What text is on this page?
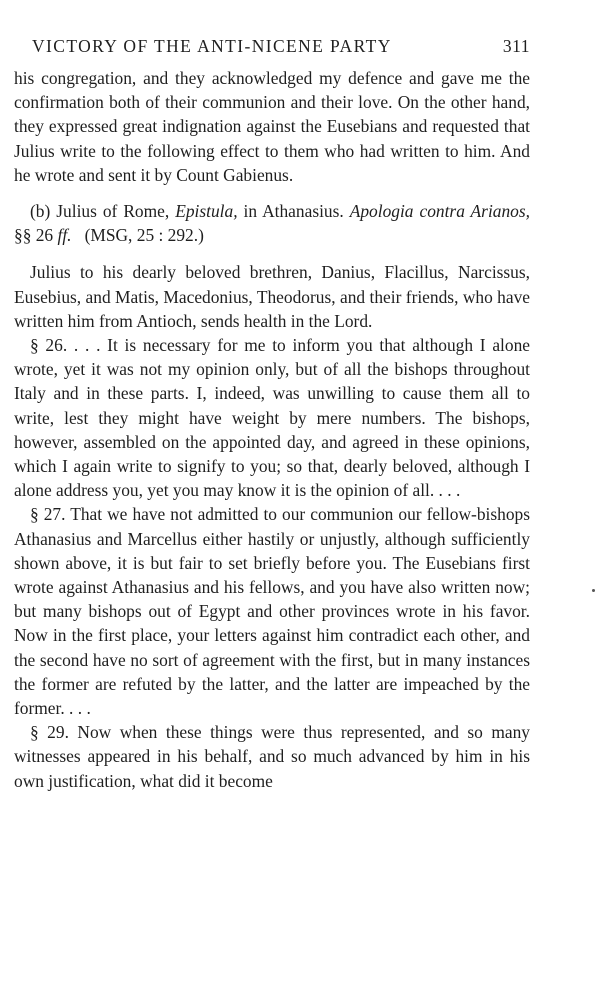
VICTORY OF THE ANTI-NICENE PARTY	311

his congregation, and they acknowledged my defence and gave me the confirmation both of their communion and their love. On the other hand, they expressed great indignation against the Eusebians and requested that Julius write to the following effect to them who had written to him. And he wrote and sent it by Count Gabienus.

(b) Julius of Rome, Epistula, in Athanasius. Apologia contra Arianos, §§ 26 ff. (MSG, 25 : 292.)

Julius to his dearly beloved brethren, Danius, Flacillus, Narcissus, Eusebius, and Matis, Macedonius, Theodorus, and their friends, who have written him from Antioch, sends health in the Lord.

§ 26. . . . It is necessary for me to inform you that although I alone wrote, yet it was not my opinion only, but of all the bishops throughout Italy and in these parts. I, indeed, was unwilling to cause them all to write, lest they might have weight by mere numbers. The bishops, however, assembled on the appointed day, and agreed in these opinions, which I again write to signify to you; so that, dearly beloved, although I alone address you, yet you may know it is the opinion of all. . . .

§ 27. That we have not admitted to our communion our fellow-bishops Athanasius and Marcellus either hastily or unjustly, although sufficiently shown above, it is but fair to set briefly before you. The Eusebians first wrote against Athanasius and his fellows, and you have also written now; but many bishops out of Egypt and other provinces wrote in his favor. Now in the first place, your letters against him contradict each other, and the second have no sort of agreement with the first, but in many instances the former are refuted by the latter, and the latter are impeached by the former. . . .

§ 29. Now when these things were thus represented, and so many witnesses appeared in his behalf, and so much advanced by him in his own justification, what did it become
